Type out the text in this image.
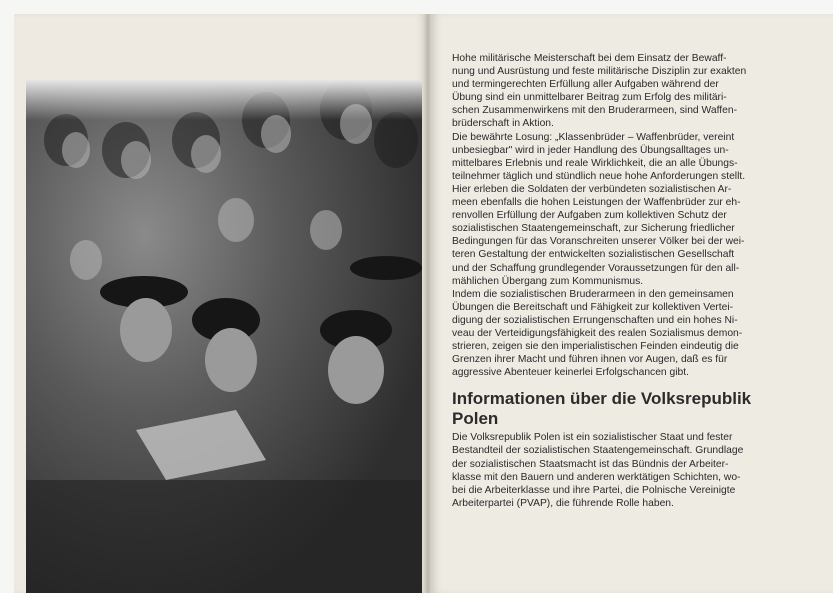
Hohe militärische Meisterschaft bei dem Einsatz der Bewaff-
nung und Ausrüstung und feste militärische Disziplin zur exakten
und termingerechten Erfüllung aller Aufgaben während der
Übung sind ein unmittelbarer Beitrag zum Erfolg des militäri-
schen Zusammenwirkens mit den Bruderarmeen, sind Waffen-
brüderschaft in Aktion.

Die bewährte Losung: „Klassenbrüder – Waffenbrüder, vereint
unbesiegbar" wird in jeder Handlung des Übungsalltages un-
mittelbares Erlebnis und reale Wirklichkeit, die an alle Übungs-
teilnehmer täglich und stündlich neue hohe Anforderungen stellt.
Hier erleben die Soldaten der verbündeten sozialistischen Ar-
meen ebenfalls die hohen Leistungen der Waffenbrüder zur eh-
renvollen Erfüllung der Aufgaben zum kollektiven Schutz der
sozialistischen Staatengemeinschaft, zur Sicherung friedlicher
Bedingungen für das Voranschreiten unserer Völker bei der wei-
teren Gestaltung der entwickelten sozialistischen Gesellschaft
und der Schaffung grundlegender Voraussetzungen für den all-
mählichen Übergang zum Kommunismus.

Indem die sozialistischen Bruderarmeen in den gemeinsamen
Übungen die Bereitschaft und Fähigkeit zur kollektiven Vertei-
digung der sozialistischen Errungenschaften und ein hohes Ni-
veau der Verteidigungsfähigkeit des realen Sozialismus demon-
strieren, zeigen sie den imperialistischen Feinden eindeutig die
Grenzen ihrer Macht und führen ihnen vor Augen, daß es für
aggressive Abenteuer keinerlei Erfolgschancen gibt.

Informationen über die Volksrepublik
Polen

Die Volksrepublik Polen ist ein sozialistischer Staat und fester
Bestandteil der sozialistischen Staatengemeinschaft. Grundlage
der sozialistischen Staatsmacht ist das Bündnis der Arbeiter-
klasse mit den Bauern und anderen werktätigen Schichten, wo-
bei die Arbeiterklasse und ihre Partei, die Polnische Vereinigte
Arbeiterpartei (PVAP), die führende Rolle haben.
